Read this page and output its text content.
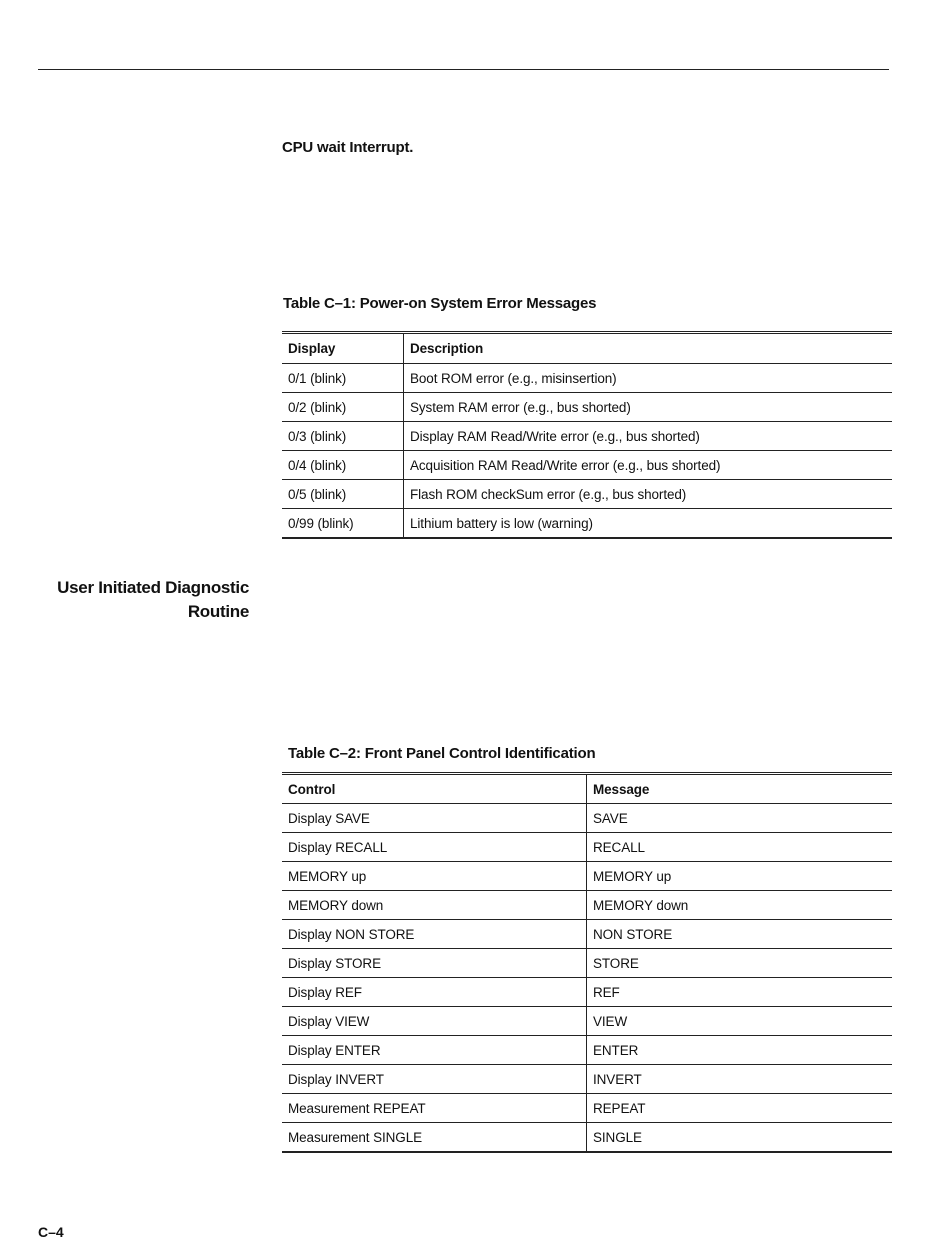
CPU wait Interrupt.
Table C–1: Power-on System Error Messages
Display	Description
0/1 (blink)	Boot ROM error (e.g., misinsertion)
0/2 (blink)	System RAM error (e.g., bus shorted)
0/3 (blink)	Display RAM Read/Write error (e.g., bus shorted)
0/4 (blink)	Acquisition RAM Read/Write error (e.g., bus shorted)
0/5 (blink)	Flash ROM checkSum error (e.g., bus shorted)
0/99 (blink)	Lithium battery is low (warning)
User Initiated Diagnostic
Routine
Table C–2: Front Panel Control Identification
Control	Message
Display SAVE	SAVE
Display RECALL	RECALL
MEMORY up	MEMORY up
MEMORY down	MEMORY down
Display NON STORE	NON STORE
Display STORE	STORE
Display REF	REF
Display VIEW	VIEW
Display ENTER	ENTER
Display INVERT	INVERT
Measurement REPEAT	REPEAT
Measurement SINGLE	SINGLE
C–4
